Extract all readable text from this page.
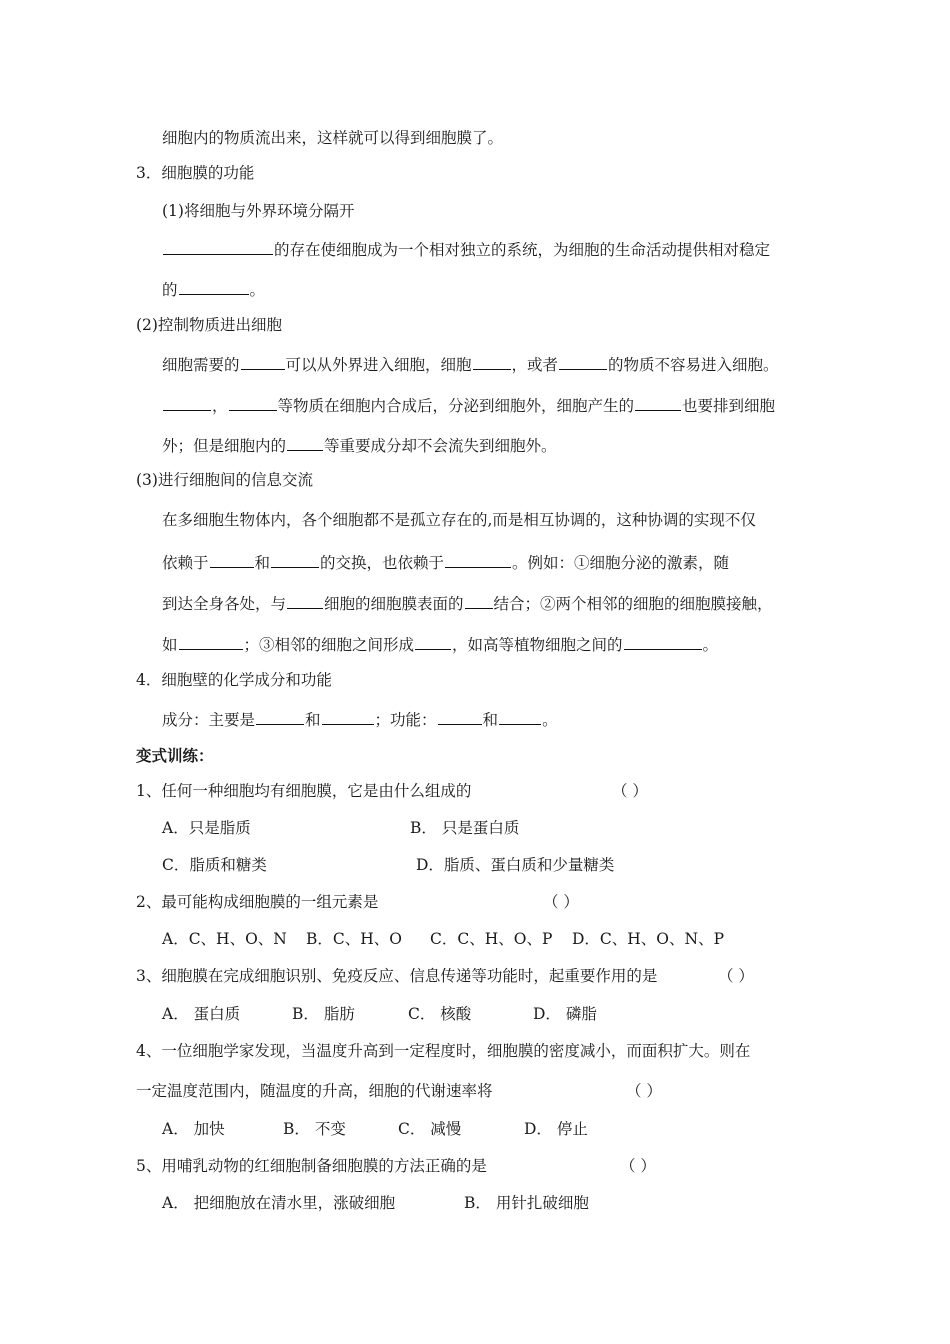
细胞内的物质流出来，这样就可以得到细胞膜了。
3．细胞膜的功能
(1)将细胞与外界环境分隔开
的存在使细胞成为一个相对独立的系统，为细胞的生命活动提供相对稳定
的	。
(2)控制物质进出细胞
细胞需要的	可以从外界进入细胞，细胞	，或者	的物质不容易进入细胞。
，	等物质在细胞内合成后，分泌到细胞外，细胞产生的	也要排到细胞
外；但是细胞内的 等重要成分却不会流失到细胞外。
(3)进行细胞间的信息交流
在多细胞生物体内，各个细胞都不是孤立存在的,而是相互协调的，这种协调的实现不仅
依赖于	和	的交换，也依赖于	。例如：①细胞分泌的激素，随
到达全身各处，与 细胞的细胞膜表面的 结合；②两个相邻的细胞的细胞膜接触，
如	；③相邻的细胞之间形成 ，如高等植物细胞之间的	。
4．细胞壁的化学成分和功能
成分：主要是	和	；功能：	和	。
变式训练：
1、任何一种细胞均有细胞膜，它是由什么组成的	（ ）
A．只是脂质	B． 只是蛋白质
C．脂质和糖类	D．脂质、蛋白质和少量糖类
2、最可能构成细胞膜的一组元素是	（ ）
A．C、H、O、N B．C、H、O C．C、H、O、P D．C、H、O、N、P
3、细胞膜在完成细胞识别、免疫反应、信息传递等功能时，起重要作用的是	（ ）
A． 蛋白质	B． 脂肪	C． 核酸	D． 磷脂
4、一位细胞学家发现，当温度升高到一定程度时，细胞膜的密度减小，而面积扩大。则在
一定温度范围内，随温度的升高，细胞的代谢速率将	（ ）
A． 加快	B． 不变	C． 减慢	D． 停止
5、用哺乳动物的红细胞制备细胞膜的方法正确的是	（ ）
A． 把细胞放在清水里，涨破细胞	B． 用针扎破细胞
